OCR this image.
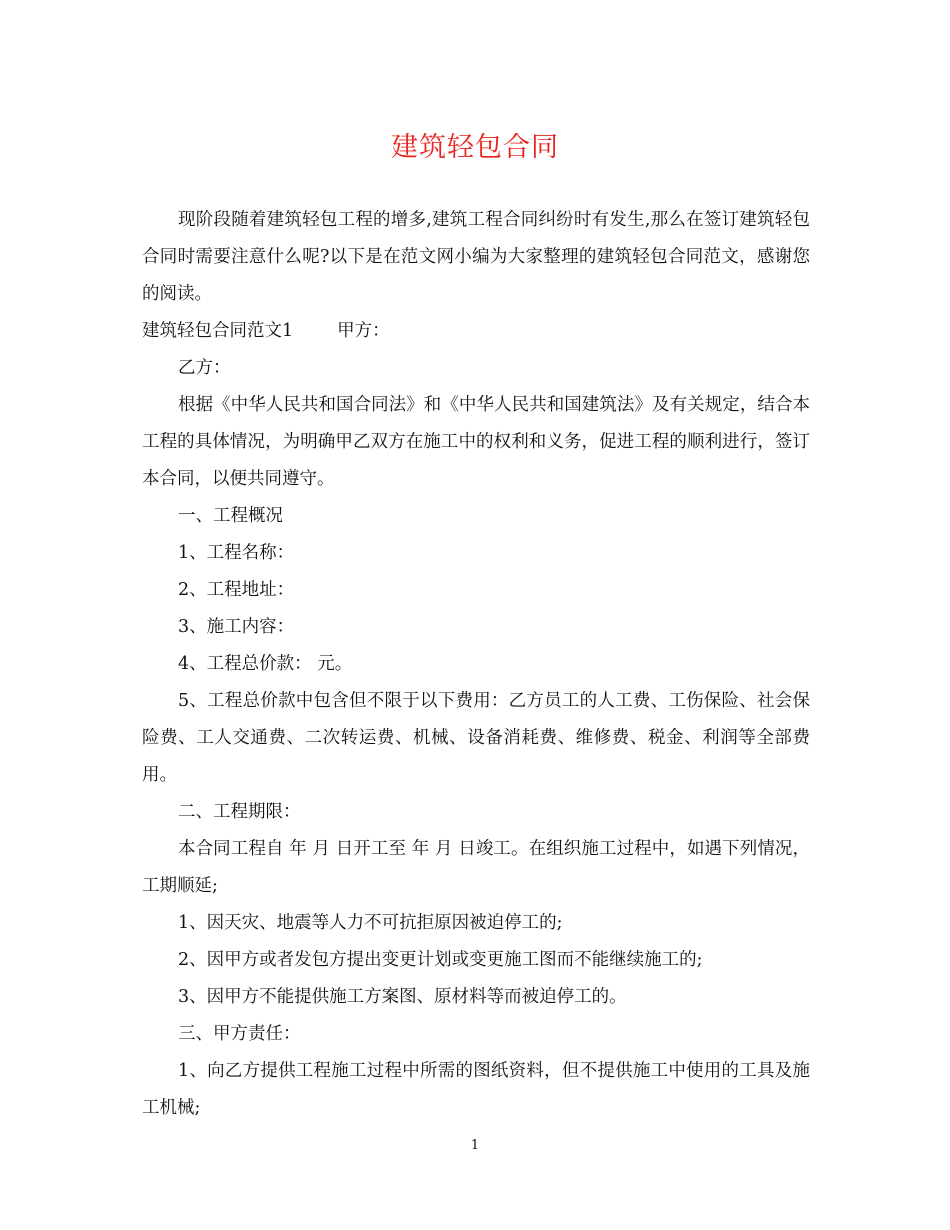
建筑轻包合同

现阶段随着建筑轻包工程的增多,建筑工程合同纠纷时有发生,那么在签订建筑轻包合同时需要注意什么呢?以下是在范文网小编为大家整理的建筑轻包合同范文，感谢您的阅读。

建筑轻包合同范文1	甲方：

乙方：

根据《中华人民共和国合同法》和《中华人民共和国建筑法》及有关规定，结合本工程的具体情况，为明确甲乙双方在施工中的权利和义务，促进工程的顺利进行，签订本合同，以便共同遵守。

一、工程概况

1、工程名称：

2、工程地址：

3、施工内容：

4、工程总价款： 元。

5、工程总价款中包含但不限于以下费用：乙方员工的人工费、工伤保险、社会保险费、工人交通费、二次转运费、机械、设备消耗费、维修费、税金、利润等全部费用。

二、工程期限：

本合同工程自 年 月 日开工至 年 月 日竣工。在组织施工过程中，如遇下列情况，工期顺延;

1、因天灾、地震等人力不可抗拒原因被迫停工的;

2、因甲方或者发包方提出变更计划或变更施工图而不能继续施工的;

3、因甲方不能提供施工方案图、原材料等而被迫停工的。

三、甲方责任：

1、向乙方提供工程施工过程中所需的图纸资料，但不提供施工中使用的工具及施工机械;

1
